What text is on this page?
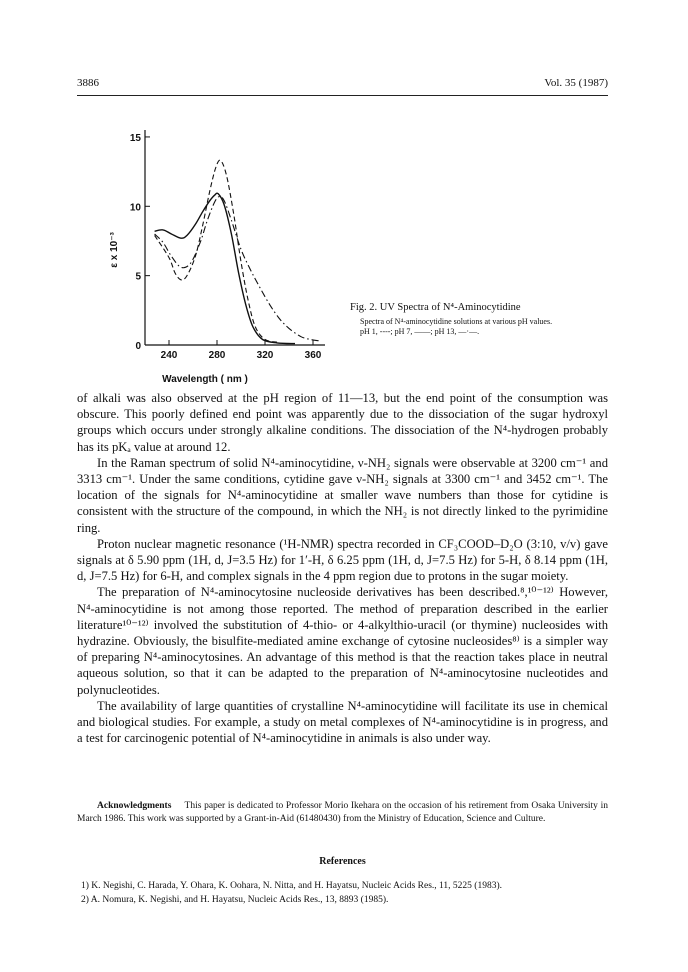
3886	Vol. 35 (1987)
240	280	320	360
0
5
10
15
Wavelength ( nm )
ε x 10⁻³
Fig. 2. UV Spectra of N⁴-Aminocytidine
Spectra of N⁴-aminocytidine solutions at various pH values.
pH 1, ----; pH 7, ——; pH 13, —·—.

of alkali was also observed at the pH region of 11—13, but the end point of the consumption was obscure. This poorly defined end point was apparently due to the dissociation of the sugar hydroxyl groups which occurs under strongly alkaline conditions. The dissociation of the N⁴-hydrogen probably has its pKₐ value at around 12.

In the Raman spectrum of solid N⁴-aminocytidine, ν-NH₂ signals were observable at 3200 cm⁻¹ and 3313 cm⁻¹. Under the same conditions, cytidine gave ν-NH₂ signals at 3300 cm⁻¹ and 3452 cm⁻¹. The location of the signals for N⁴-aminocytidine at smaller wave numbers than those for cytidine is consistent with the structure of the compound, in which the NH₂ is not directly linked to the pyrimidine ring.

Proton nuclear magnetic resonance (¹H-NMR) spectra recorded in CF₃COOD–D₂O (3:10, v/v) gave signals at δ 5.90 ppm (1H, d, J=3.5 Hz) for 1′-H, δ 6.25 ppm (1H, d, J=7.5 Hz) for 5-H, δ 8.14 ppm (1H, d, J=7.5 Hz) for 6-H, and complex signals in the 4 ppm region due to protons in the sugar moiety.

The preparation of N⁴-aminocytosine nucleoside derivatives has been described.⁸,¹⁰⁻¹²⁾ However, N⁴-aminocytidine is not among those reported. The method of preparation described in the earlier literature¹⁰⁻¹²⁾ involved the substitution of 4-thio- or 4-alkylthio-uracil (or thymine) nucleosides with hydrazine. Obviously, the bisulfite-mediated amine exchange of cytosine nucleosides⁸⁾ is a simpler way of preparing N⁴-aminocytosines. An advantage of this method is that the reaction takes place in neutral aqueous solution, so that it can be adapted to the preparation of N⁴-aminocytosine nucleotides and polynucleotides.

The availability of large quantities of crystalline N⁴-aminocytidine will facilitate its use in chemical and biological studies. For example, a study on metal complexes of N⁴-aminocytidine is in progress, and a test for carcinogenic potential of N⁴-aminocytidine in animals is also under way.

Acknowledgments This paper is dedicated to Professor Morio Ikehara on the occasion of his retirement from Osaka University in March 1986. This work was supported by a Grant-in-Aid (61480430) from the Ministry of Education, Science and Culture.
References
1) K. Negishi, C. Harada, Y. Ohara, K. Oohara, N. Nitta, and H. Hayatsu, Nucleic Acids Res., 11, 5225 (1983).
2) A. Nomura, K. Negishi, and H. Hayatsu, Nucleic Acids Res., 13, 8893 (1985).
